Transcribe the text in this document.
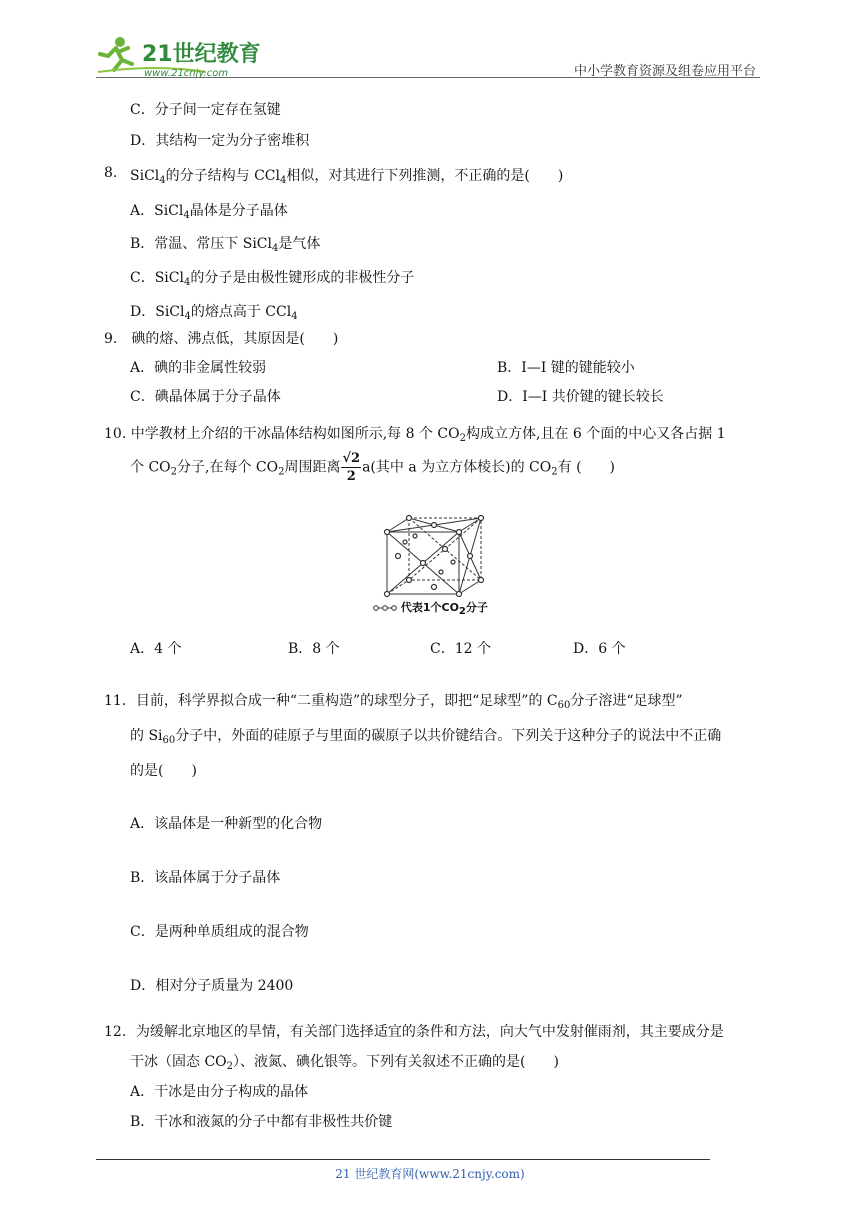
21世纪教育
www.21cnjy.com	中小学教育资源及组卷应用平台
C．分子间一定存在氢键
D．其结构一定为分子密堆积
8. SiCl$_4$的分子结构与 CCl$_4$相似，对其进行下列推测，不正确的是(　　)
A．SiCl$_4$晶体是分子晶体
B．常温、常压下 SiCl$_4$是气体
C．SiCl$_4$的分子是由极性键形成的非极性分子
D．SiCl$_4$的熔点高于 CCl$_4$
9.　碘的熔、沸点低，其原因是(　　)
A．碘的非金属性较弱	B．I—I 键的键能较小
C．碘晶体属于分子晶体	D．I—I 共价键的键长较长
10. 中学教材上介绍的干冰晶体结构如图所示,每 8 个 $CO_2$构成立方体,且在 6 个面的中心又各占据 1
个 $CO_2$分子,在每个 $CO_2$周围距离 $\frac{√2}{2} a$(其中 a 为立方体棱长)的 $CO_2$有 (　　)
代表1个$CO_2$分子
A．4 个	B．8 个	C．12 个	D．6 个
11．目前，科学界拟合成一种“二重构造”的球型分子，即把“足球型”的 $C_{60}$分子溶进“足球型”
的 $Si_{60}$分子中，外面的硅原子与里面的碳原子以共价键结合。下列关于这种分子的说法中不正确
的是(　　)
A．该晶体是一种新型的化合物
B．该晶体属于分子晶体
C．是两种单质组成的混合物
D．相对分子质量为 2400
12．为缓解北京地区的旱情，有关部门选择适宜的条件和方法，向大气中发射催雨剂，其主要成分是
干冰（固态 $CO_2$）、液氮、碘化银等。下列有关叙述不正确的是(　　)
A．干冰是由分子构成的晶体
B．干冰和液氮的分子中都有非极性共价键
21 世纪教育网(www.21cnjy.com)
